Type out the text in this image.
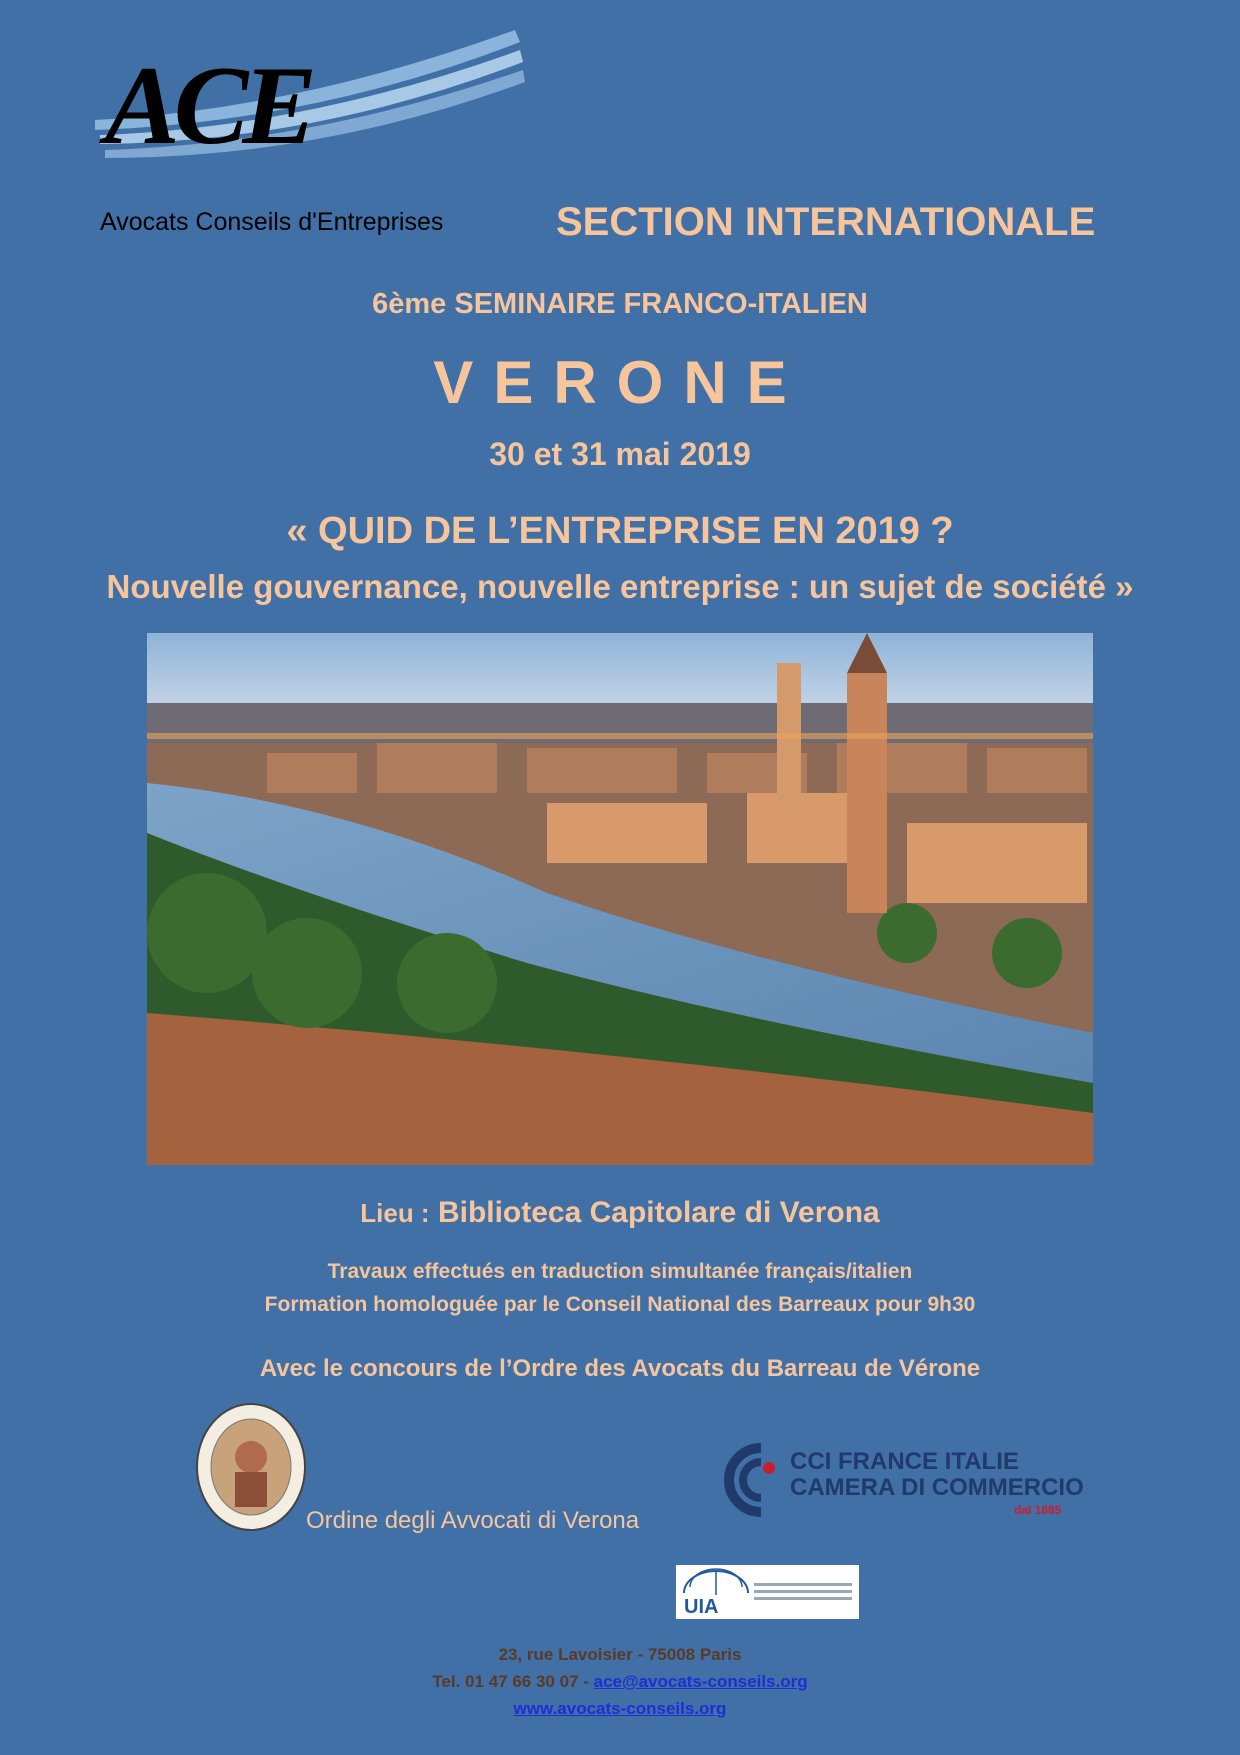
ACE
Avocats Conseils d'Entreprises	SECTION INTERNATIONALE
6ème SEMINAIRE FRANCO-ITALIEN
VERONE
30 et 31 mai 2019
« QUID DE L’ENTREPRISE EN 2019 ?
Nouvelle gouvernance, nouvelle entreprise : un sujet de société »
Lieu : Biblioteca Capitolare di Verona
Travaux effectués en traduction simultanée français/italien
Formation homologuée par le Conseil National des Barreaux pour 9h30
Avec le concours de l’Ordre des Avocats du Barreau de Vérone
Ordine degli Avvocati di Verona
CCI FRANCE ITALIE
CAMERA DI COMMERCIO
dal 1885
UIA
23, rue Lavoisier - 75008 Paris
Tel. 01 47 66 30 07 - ace@avocats-conseils.org
www.avocats-conseils.org
